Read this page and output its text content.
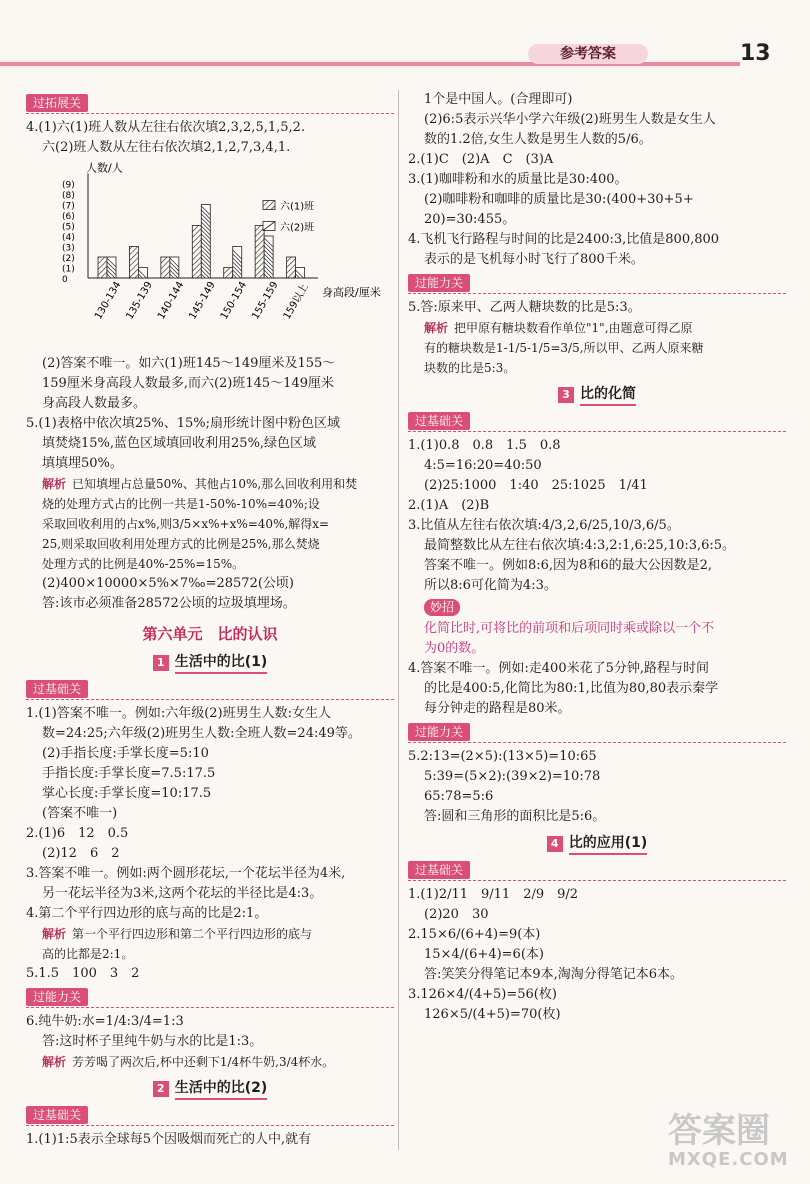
参考答案	13
过拓展关
4.(1)六(1)班人数从左往右依次填2,3,2,5,1,5,2.
六(2)班人数从左往右依次填2,1,2,7,3,4,1.
人数/人
(9)
(8)
(7)
(6)
(5)
(4)
(3)
(2)
(1)
0	130-134 135-139 140-144 145-149 150-154 155-159 159以上 身高段/厘米
六(1)班
六(2)班
(2)答案不唯一。如六(1)班145～149厘米及155～
159厘米身高段人数最多,而六(2)班145～149厘米
身高段人数最多。
5.(1)表格中依次填25%、15%;扇形统计图中粉色区域
填焚烧15%,蓝色区域填回收利用25%,绿色区域
填填埋50%。
解析 已知填埋占总量50%、其他占10%,那么回收利用和焚
烧的处理方式占的比例一共是1-50%-10%=40%;设
采取回收利用的占x%,则3/5×x%+x%=40%,解得x=
25,则采取回收利用处理方式的比例是25%,那么焚烧
处理方式的比例是40%-25%=15%。
(2)400×10000×5%×7‰=28572(公顷)
答:该市必须准备28572公顷的垃圾填埋场。
第六单元　比的认识
1 生活中的比(1)
过基础关
1.(1)答案不唯一。例如:六年级(2)班男生人数:女生人
数=24:25;六年级(2)班男生人数:全班人数=24:49等。
(2)手指长度:手掌长度=5:10
手指长度:手掌长度=7.5:17.5
掌心长度:手掌长度=10:17.5
(答案不唯一)
2.(1)6　12　0.5
(2)12　6　2
3.答案不唯一。例如:两个圆形花坛,一个花坛半径为4米,
另一花坛半径为3米,这两个花坛的半径比是4:3。
4.第二个平行四边形的底与高的比是2:1。
解析 第一个平行四边形和第二个平行四边形的底与
高的比都是2:1。
5.1.5　100　3　2
过能力关
6.纯牛奶:水=1/4:3/4=1:3
答:这时杯子里纯牛奶与水的比是1:3。
解析 芳芳喝了两次后,杯中还剩下1/4杯牛奶,3/4杯水。
2 生活中的比(2)
过基础关
1.(1)1:5表示全球每5个因吸烟而死亡的人中,就有
1个是中国人。(合理即可)
(2)6:5表示兴华小学六年级(2)班男生人数是女生人
数的1.2倍,女生人数是男生人数的5/6。
2.(1)C　(2)A　C　(3)A
3.(1)咖啡粉和水的质量比是30:400。
(2)咖啡粉和咖啡的质量比是30:(400+30+5+
20)=30:455。
4.飞机飞行路程与时间的比是2400:3,比值是800,800
表示的是飞机每小时飞行了800千米。
过能力关
5.答:原来甲、乙两人糖块数的比是5:3。
解析 把甲原有糖块数看作单位"1",由题意可得乙原
有的糖块数是1-1/5-1/5=3/5,所以甲、乙两人原来糖
块数的比是5:3。
3 比的化简
过基础关
1.(1)0.8　0.8　1.5　0.8
4:5=16:20=40:50
(2)25:1000　1:40　25:1025　1/41
2.(1)A　(2)B
3.比值从左往右依次填:4/3,2,6/25,10/3,6/5。
最简整数比从左往右依次填:4:3,2:1,6:25,10:3,6:5。
答案不唯一。例如8:6,因为8和6的最大公因数是2,
所以8:6可化简为4:3。
妙招
化简比时,可将比的前项和后项同时乘或除以一个不
为0的数。
4.答案不唯一。例如:走400米花了5分钟,路程与时间
的比是400:5,化简比为80:1,比值为80,80表示秦学
每分钟走的路程是80米。
过能力关
5.2:13=(2×5):(13×5)=10:65
5:39=(5×2):(39×2)=10:78
65:78=5:6
答:圆和三角形的面积比是5:6。
4 比的应用(1)
过基础关
1.(1)2/11　9/11　2/9　9/2
(2)20　30
2.15×6/(6+4)=9(本)
15×4/(6+4)=6(本)
答:笑笑分得笔记本9本,淘淘分得笔记本6本。
3.126×4/(4+5)=56(枚)
126×5/(4+5)=70(枚)
答案圈
MXQE.COM
